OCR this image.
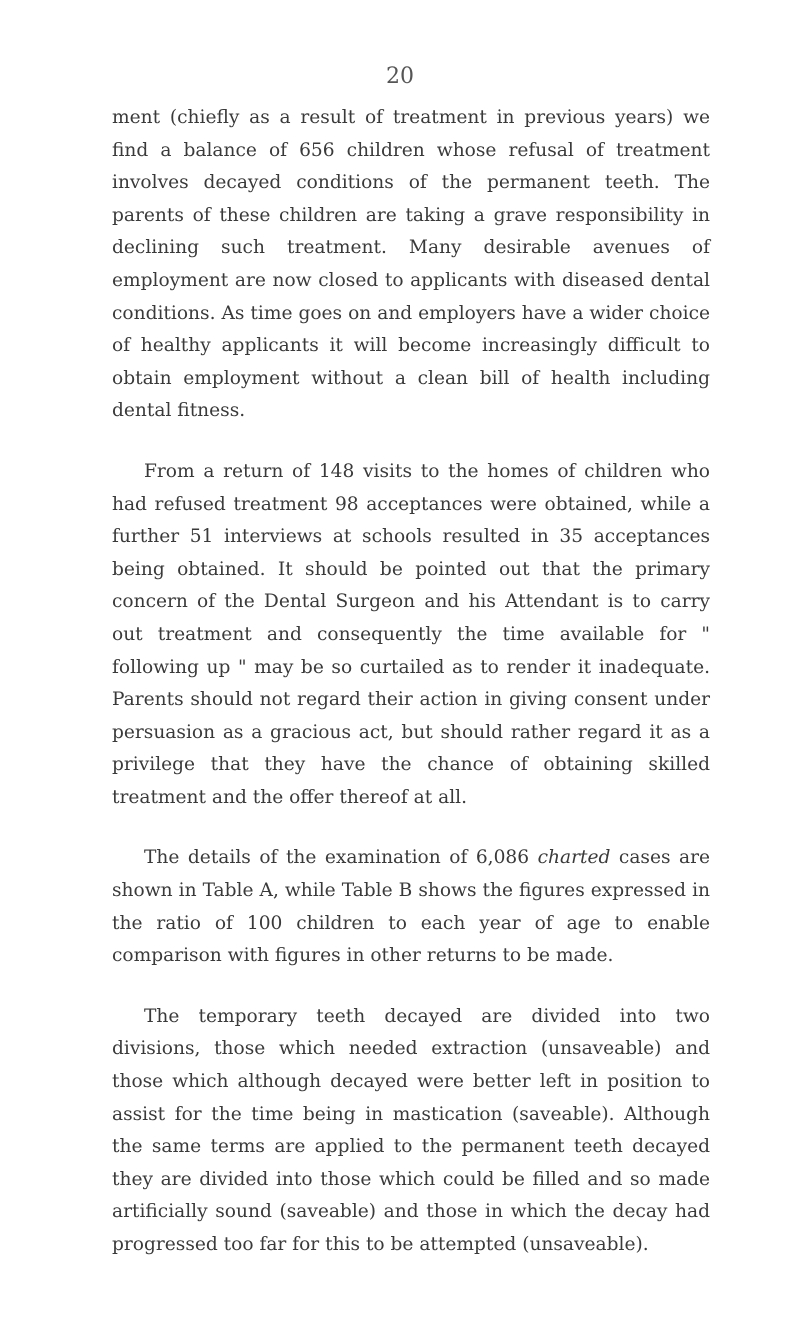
20

ment (chiefly as a result of treatment in previous years) we find a balance of 656 children whose refusal of treatment involves decayed conditions of the permanent teeth. The parents of these children are taking a grave responsibility in declining such treatment. Many desirable avenues of employment are now closed to applicants with diseased dental conditions. As time goes on and employers have a wider choice of healthy applicants it will become increasingly difficult to obtain employment without a clean bill of health including dental fitness.

From a return of 148 visits to the homes of children who had refused treatment 98 acceptances were obtained, while a further 51 interviews at schools resulted in 35 acceptances being obtained. It should be pointed out that the primary concern of the Dental Surgeon and his Attendant is to carry out treatment and consequently the time available for " following up " may be so curtailed as to render it inadequate. Parents should not regard their action in giving consent under persuasion as a gracious act, but should rather regard it as a privilege that they have the chance of obtaining skilled treatment and the offer thereof at all.

The details of the examination of 6,086 charted cases are shown in Table A, while Table B shows the figures expressed in the ratio of 100 children to each year of age to enable comparison with figures in other returns to be made.

The temporary teeth decayed are divided into two divisions, those which needed extraction (unsaveable) and those which although decayed were better left in position to assist for the time being in mastication (saveable). Although the same terms are applied to the permanent teeth decayed they are divided into those which could be filled and so made artificially sound (saveable) and those in which the decay had progressed too far for this to be attempted (unsaveable).
